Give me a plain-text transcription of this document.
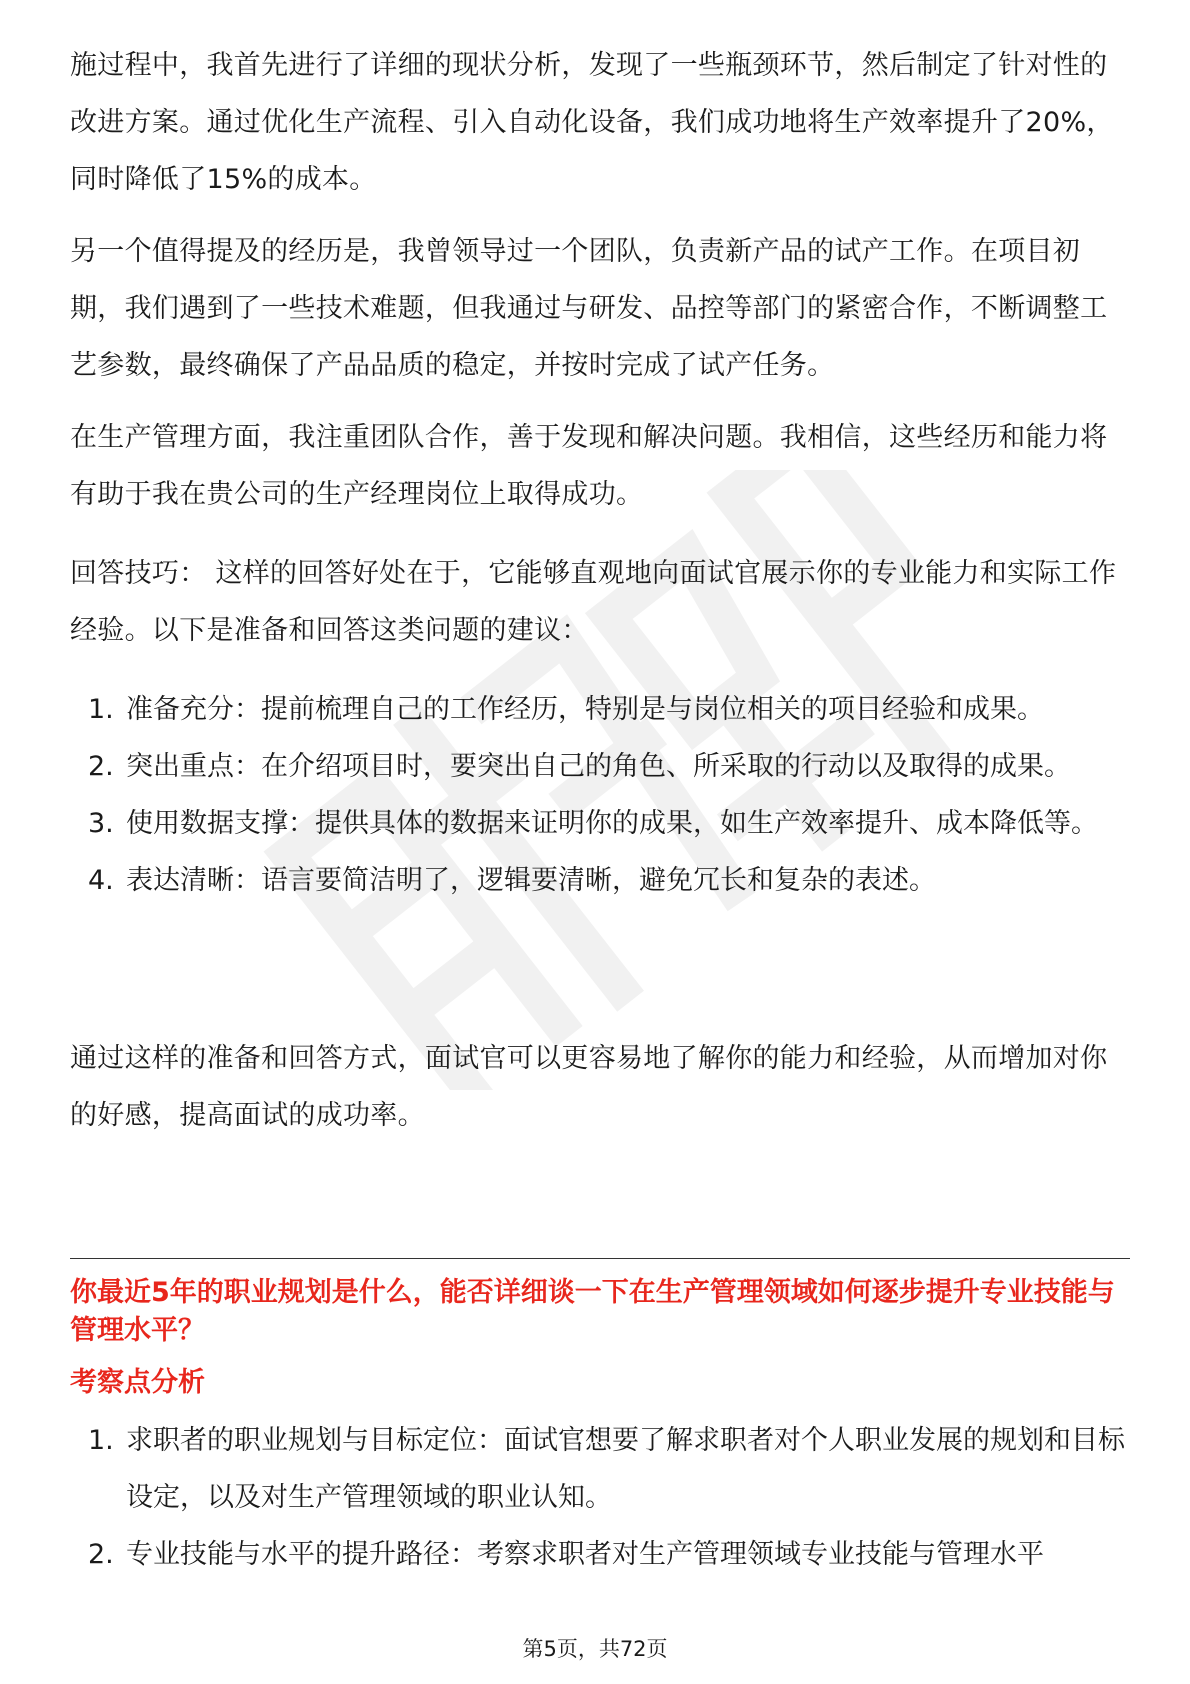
施过程中，我首先进行了详细的现状分析，发现了一些瓶颈环节，然后制定了针对性的改进方案。通过优化生产流程、引入自动化设备，我们成功地将生产效率提升了20%，同时降低了15%的成本。

另一个值得提及的经历是，我曾领导过一个团队，负责新产品的试产工作。在项目初期，我们遇到了一些技术难题，但我通过与研发、品控等部门的紧密合作，不断调整工艺参数，最终确保了产品品质的稳定，并按时完成了试产任务。

在生产管理方面，我注重团队合作，善于发现和解决问题。我相信，这些经历和能力将有助于我在贵公司的生产经理岗位上取得成功。

回答技巧： 这样的回答好处在于，它能够直观地向面试官展示你的专业能力和实际工作经验。以下是准备和回答这类问题的建议：

1. 准备充分：提前梳理自己的工作经历，特别是与岗位相关的项目经验和成果。
2. 突出重点：在介绍项目时，要突出自己的角色、所采取的行动以及取得的成果。
3. 使用数据支撑：提供具体的数据来证明你的成果，如生产效率提升、成本降低等。
4. 表达清晰：语言要简洁明了，逻辑要清晰，避免冗长和复杂的表述。

通过这样的准备和回答方式，面试官可以更容易地了解你的能力和经验，从而增加对你的好感，提高面试的成功率。

你最近5年的职业规划是什么，能否详细谈一下在生产管理领域如何逐步提升专业技能与管理水平？

考察点分析

1. 求职者的职业规划与目标定位：面试官想要了解求职者对个人职业发展的规划和目标设定，以及对生产管理领域的职业认知。
2. 专业技能与水平的提升路径：考察求职者对生产管理领域专业技能与管理水平
第5页，共72页
